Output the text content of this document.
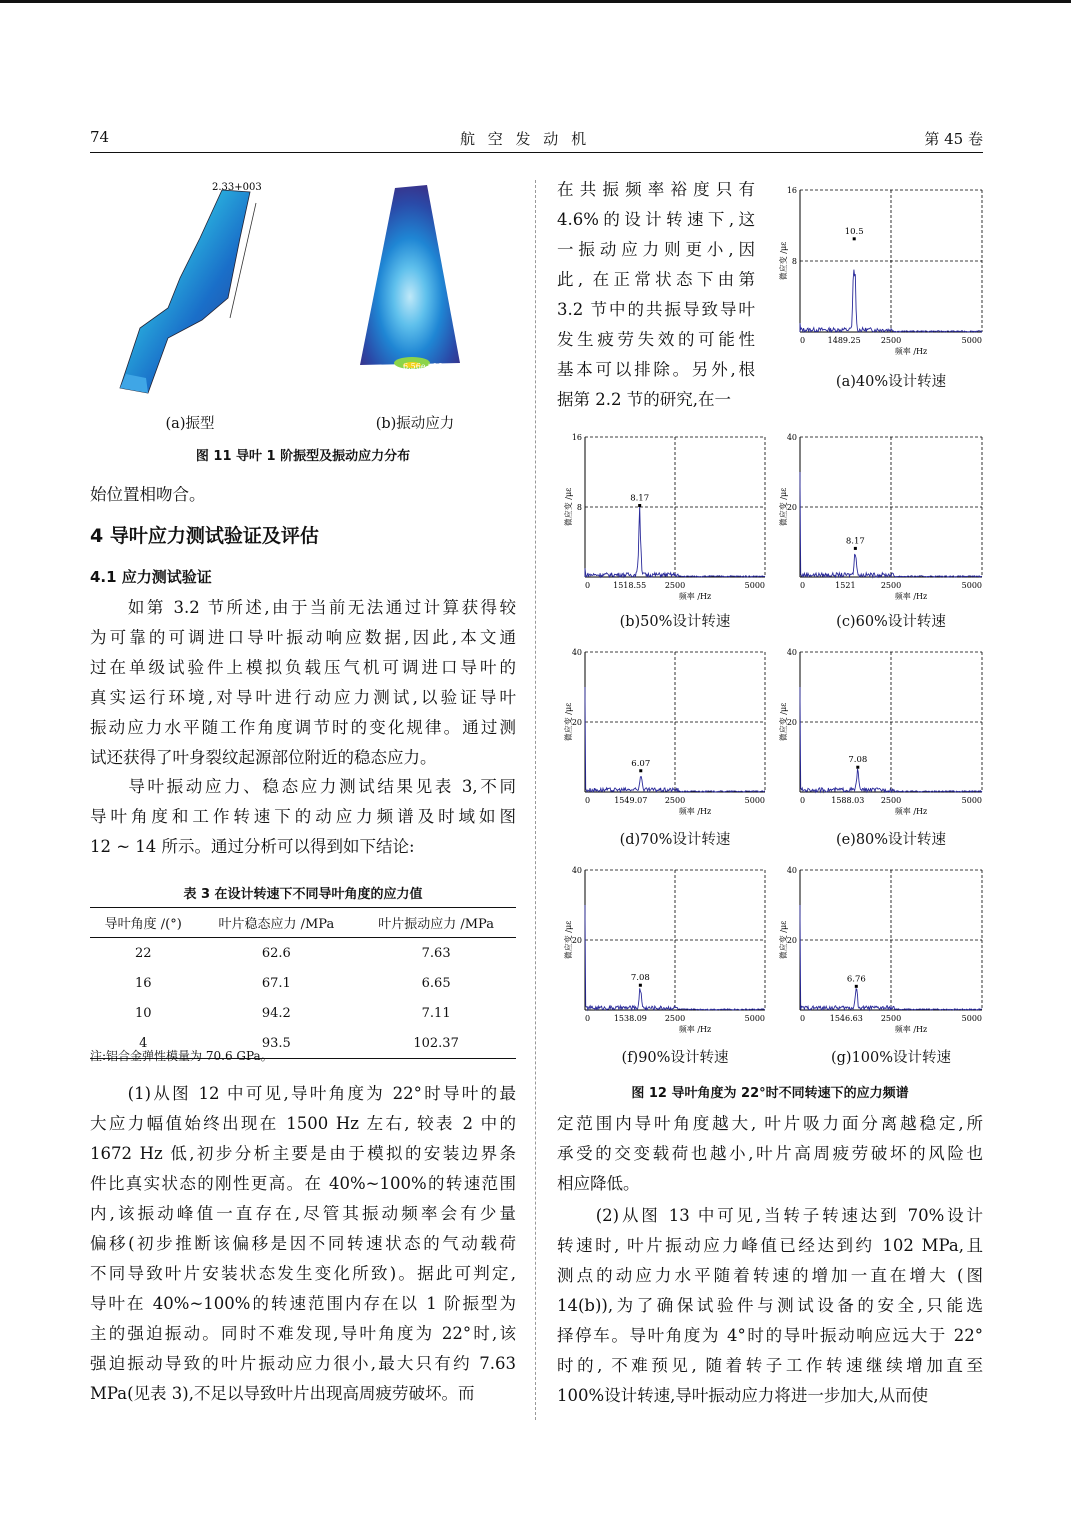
74	航 空 发 动 机	第 45 卷
2.33+003
6.56e+06
(a)振型	(b)振动应力
图 11 导叶 1 阶振型及振动应力分布
始位置相吻合。
4 导叶应力测试验证及评估
4.1 应力测试验证
　　如第 3.2 节所述,由于当前无法通过计算获得较
为可靠的可调进口导叶振动响应数据,因此,本文通
过在单级试验件上模拟负载压气机可调进口导叶的
真实运行环境,对导叶进行动应力测试,以验证导叶
振动应力水平随工作角度调节时的变化规律。通过测
试还获得了叶身裂纹起源部位附近的稳态应力。
　　导叶振动应力、稳态应力测试结果见表 3,不同
导叶角度和工作转速下的动应力频谱及时域如图
12 ~ 14 所示。通过分析可以得到如下结论:
表 3 在设计转速下不同导叶角度的应力值
导叶角度 /(°)	叶片稳态应力 /MPa	叶片振动应力 /MPa
22	62.6	7.63
16	67.1	6.65
10	94.2	7.11
4	93.5	102.37
注:铝合金弹性模量为 70.6 GPa。
　　(1)从图 12 中可见,导叶角度为 22°时导叶的最
大应力幅值始终出现在 1500 Hz 左右, 较表 2 中的
1672 Hz 低,初步分析主要是由于模拟的安装边界条
件比真实状态的刚性更高。在 40%~100%的转速范围
内,该振动峰值一直存在,尽管其振动频率会有少量
偏移(初步推断该偏移是因不同转速状态的气动载荷
不同导致叶片安装状态发生变化所致)。据此可判定,
导叶在 40%~100%的转速范围内存在以 1 阶振型为
主的强迫振动。同时不难发现,导叶角度为 22°时,该
强迫振动导致的叶片振动应力很小,最大只有约 7.63
MPa(见表 3),不足以导致叶片出现高周疲劳破坏。而
在共振频率裕度只有
4.6%的设计转速下,这
一振动应力则更小,因
此, 在正常状态下由第
3.2 节中的共振导致导叶
发生疲劳失效的可能性
基本可以排除。另外,根
据第 2.2 节的研究,在一
定范围内导叶角度越大, 叶片吸力面分离越稳定,所
承受的交变载荷也越小,叶片高周疲劳破坏的风险也
相应降低。
　　(2)从图 13 中可见,当转子转速达到 70%设计
转速时, 叶片振动应力峰值已经达到约 102 MPa,且
测点的动应力水平随着转速的增加一直在增大 (图
14(b)),为了确保试验件与测试设备的安全,只能选
择停车。导叶角度为 4°时的导叶振动响应远大于 22°
时的, 不难预见, 随着转子工作转速继续增加直至
100%设计转速,导叶振动应力将进一步加大,从而使
8
16
0	1489.25	2500	5000
频率 /Hz
微应变 /με
10.5
(a)40%设计转速
8
16
0	1518.55 2500	5000
频率 /Hz
微应变 /με	8.17
(b)50%设计转速
20
40
0	1521	2500	5000
频率 /Hz
微应变 /με
8.17
(c)60%设计转速
20
40
0	1549.07 2500	5000
频率 /Hz
微应变 /με
6.07
(d)70%设计转速
20
40
0	1588.03 2500	5000
频率 /Hz
微应变 /με
7.08
(e)80%设计转速
20
40
0	1538.09 2500	5000
频率 /Hz
微应变 /με
7.08
(f)90%设计转速
20
40
0	1546.63 2500	5000
频率 /Hz
微应变 /με
6.76
(g)100%设计转速
图 12 导叶角度为 22°时不同转速下的应力频谱
